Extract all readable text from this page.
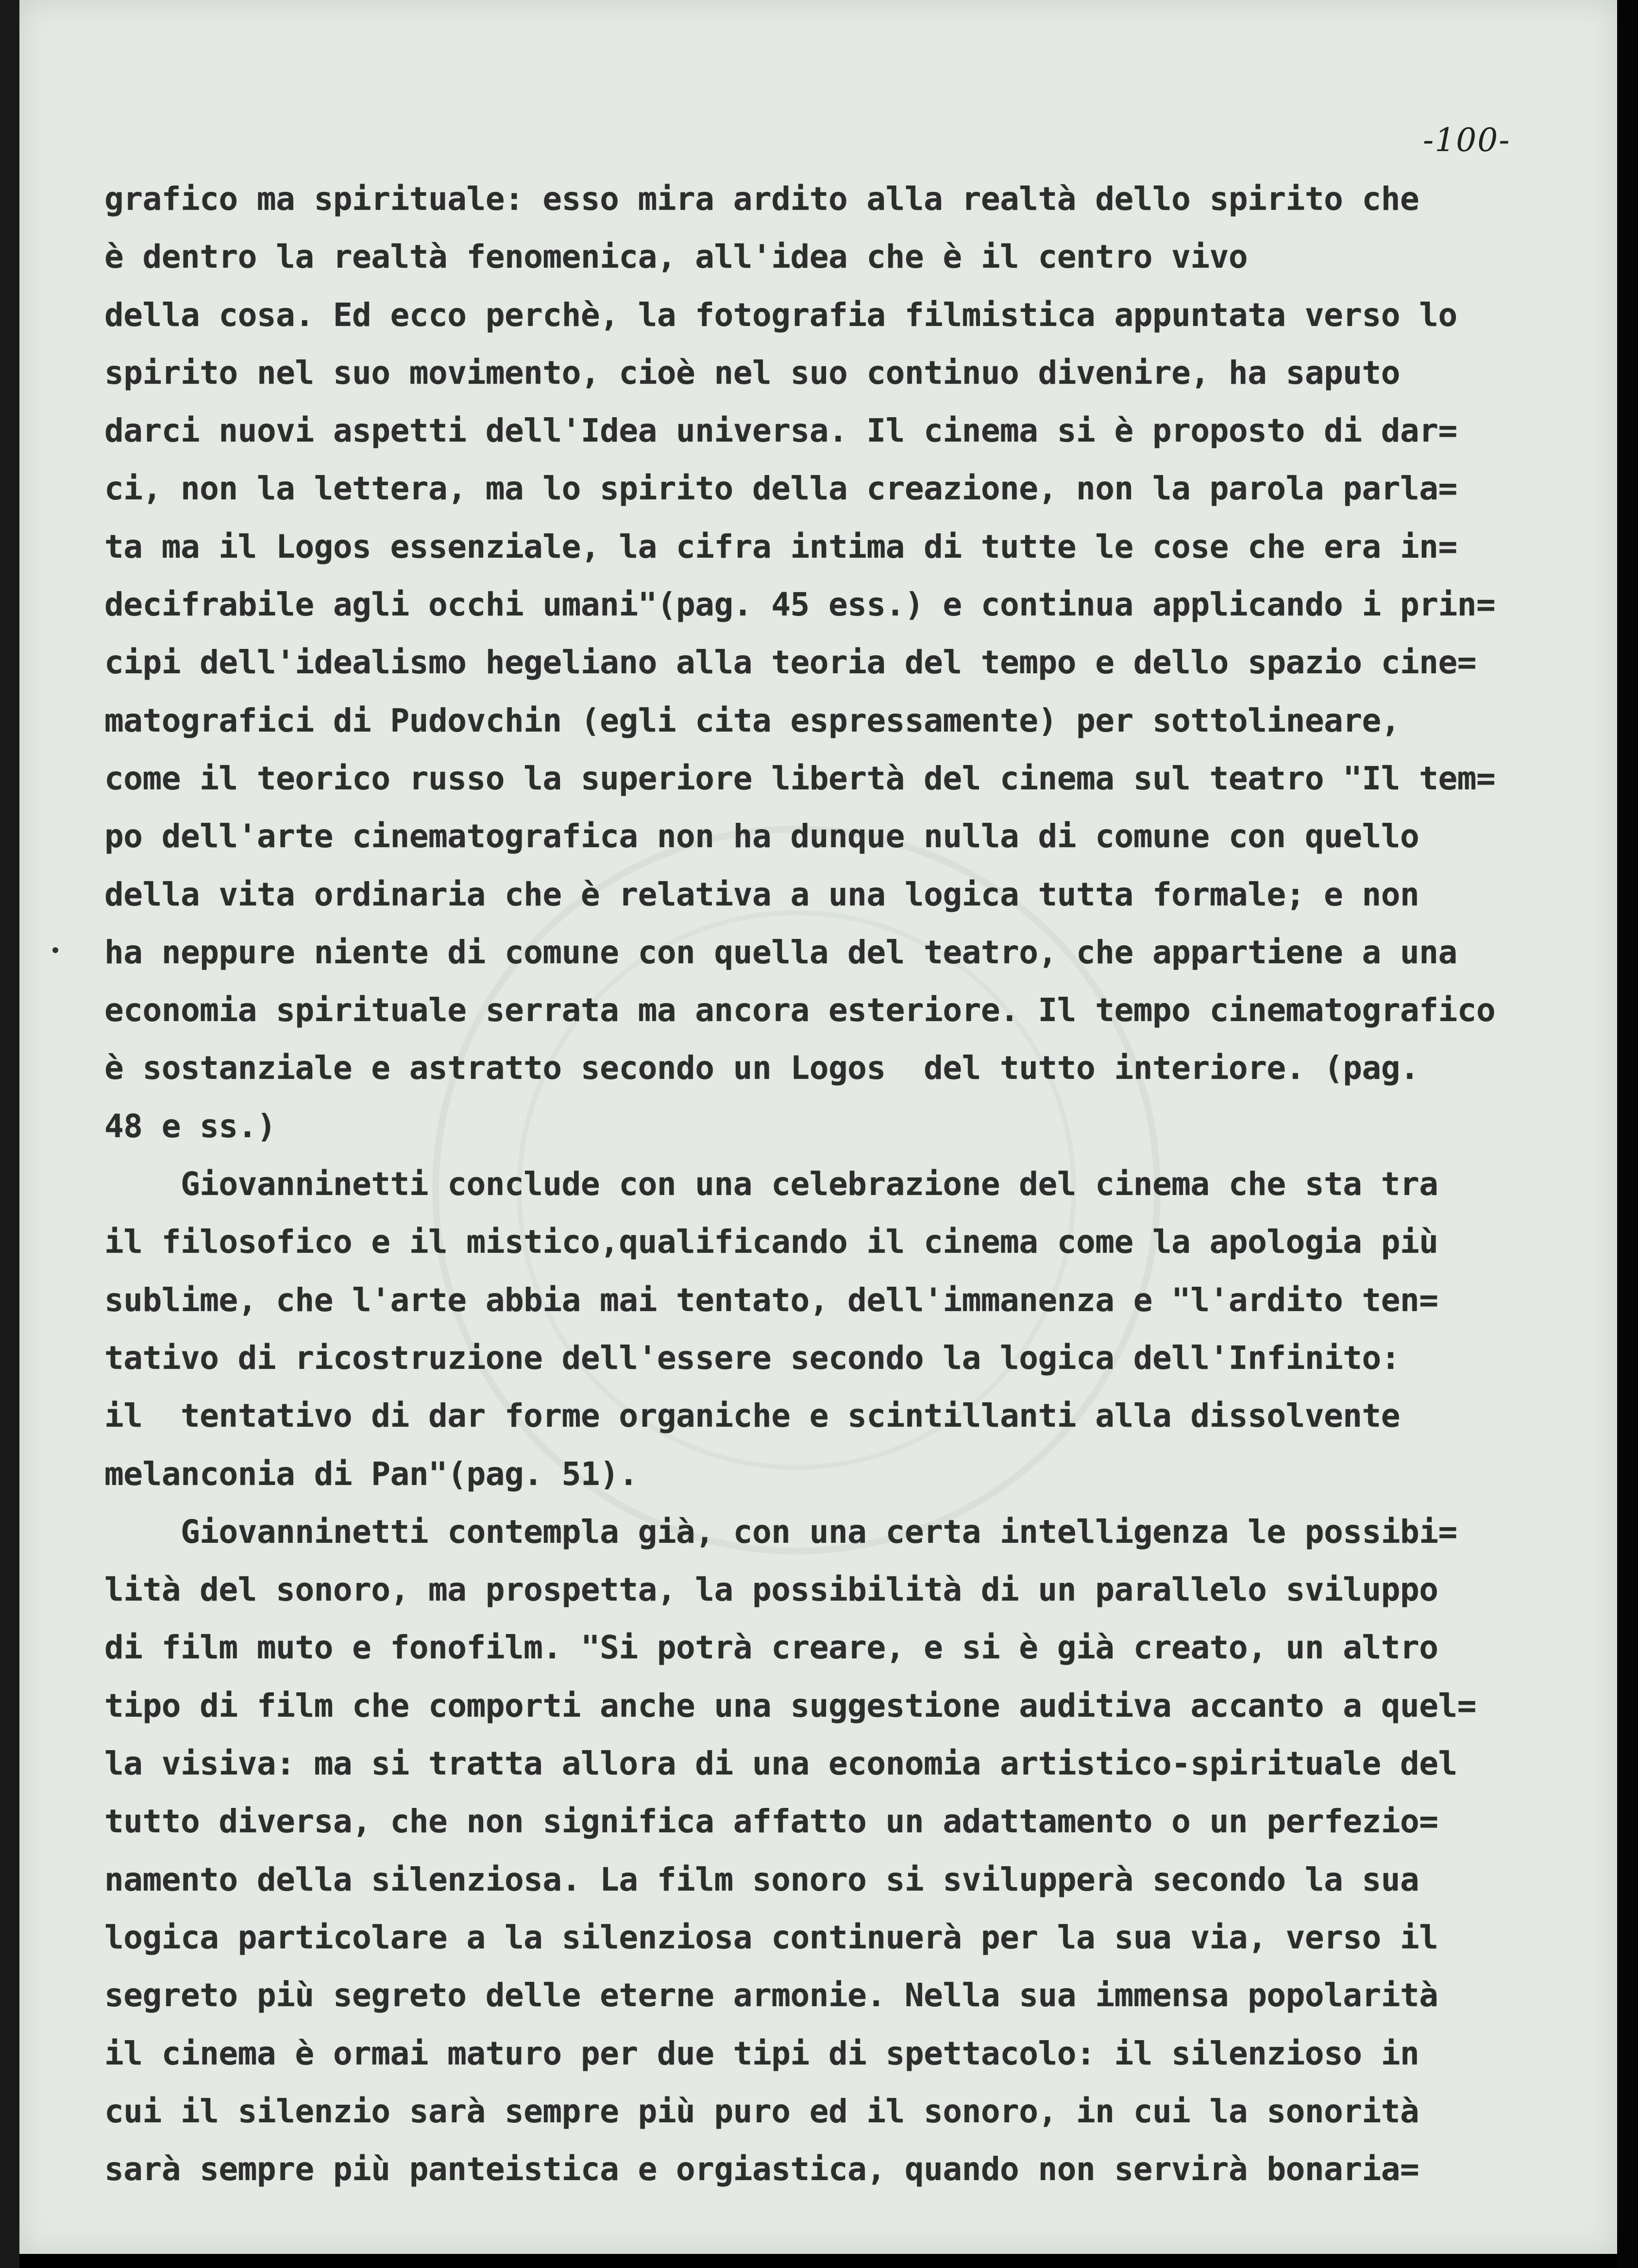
-100-
grafico ma spirituale: esso mira ardito alla realtà dello spirito che
è dentro la realtà fenomenica, all'idea che è il centro vivo
della cosa. Ed ecco perchè, la fotografia filmistica appuntata verso lo
spirito nel suo movimento, cioè nel suo continuo divenire, ha saputo
darci nuovi aspetti dell'Idea universa. Il cinema si è proposto di dar=
ci, non la lettera, ma lo spirito della creazione, non la parola parla=
ta ma il Logos essenziale, la cifra intima di tutte le cose che era in=
decifrabile agli occhi umani"(pag. 45 ess.) e continua applicando i prin=
cipi dell'idealismo hegeliano alla teoria del tempo e dello spazio cine=
matografici di Pudovchin (egli cita espressamente) per sottolineare,
come il teorico russo la superiore libertà del cinema sul teatro "Il tem=
po dell'arte cinematografica non ha dunque nulla di comune con quello
della vita ordinaria che è relativa a una logica tutta formale; e non
ha neppure niente di comune con quella del teatro, che appartiene a una
economia spirituale serrata ma ancora esteriore. Il tempo cinematografico
è sostanziale e astratto secondo un Logos  del tutto interiore. (pag.
48 e ss.)
Giovanninetti conclude con una celebrazione del cinema che sta tra
il filosofico e il mistico,qualificando il cinema come la apologia più
sublime, che l'arte abbia mai tentato, dell'immanenza e "l'ardito ten=
tativo di ricostruzione dell'essere secondo la logica dell'Infinito:
il  tentativo di dar forme organiche e scintillanti alla dissolvente
melanconia di Pan"(pag. 51).
Giovanninetti contempla già, con una certa intelligenza le possibi=
lità del sonoro, ma prospetta, la possibilità di un parallelo sviluppo
di film muto e fonofilm. "Si potrà creare, e si è già creato, un altro
tipo di film che comporti anche una suggestione auditiva accanto a quel=
la visiva: ma si tratta allora di una economia artistico-spirituale del
tutto diversa, che non significa affatto un adattamento o un perfezio=
namento della silenziosa. La film sonoro si svilupperà secondo la sua
logica particolare a la silenziosa continuerà per la sua via, verso il
segreto più segreto delle eterne armonie. Nella sua immensa popolarità
il cinema è ormai maturo per due tipi di spettacolo: il silenzioso in
cui il silenzio sarà sempre più puro ed il sonoro, in cui la sonorità
sarà sempre più panteistica e orgiastica, quando non servirà bonaria=
